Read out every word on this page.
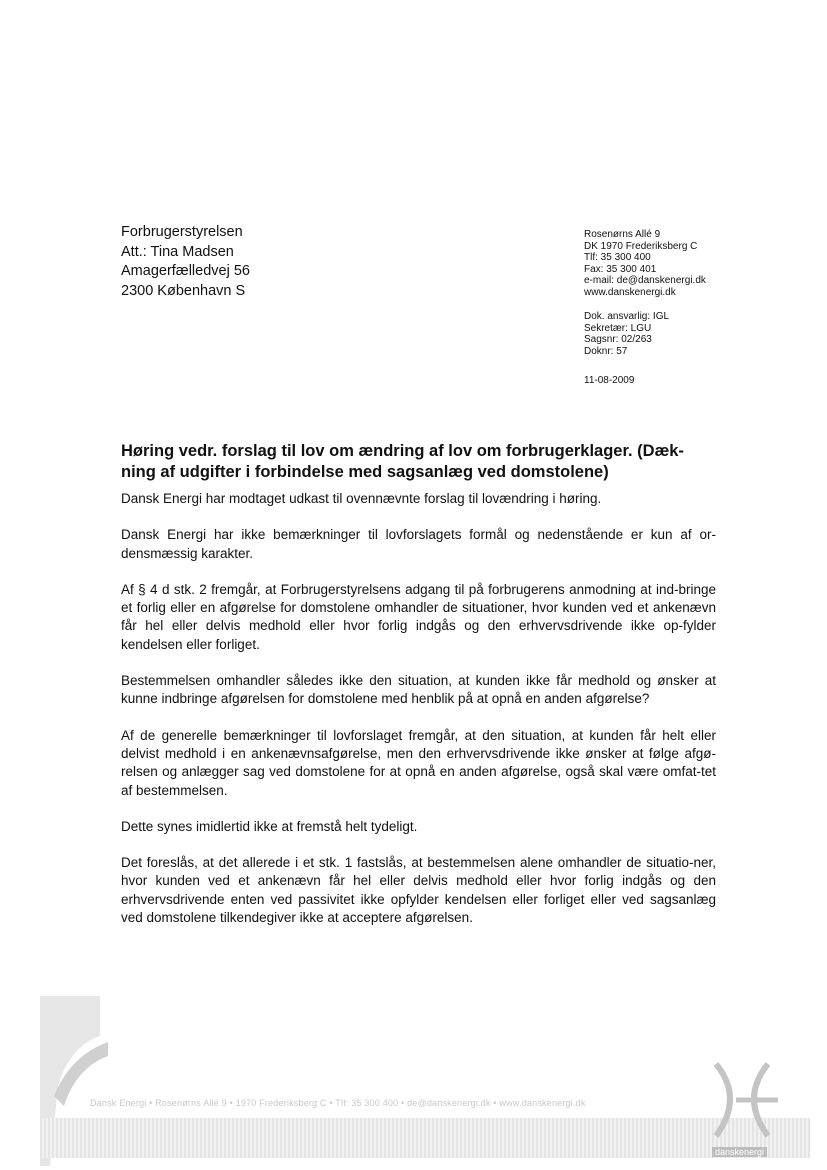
Forbrugerstyrelsen
Att.: Tina Madsen
Amagerfælledvej 56
2300 København S
Rosenørns Allé 9
DK 1970 Frederiksberg C
Tlf: 35 300 400
Fax: 35 300 401
e-mail: de@danskenergi.dk
www.danskenergi.dk
Dok. ansvarlig: IGL
Sekretær: LGU
Sagsnr: 02/263
Doknr: 57
11-08-2009
Høring vedr. forslag til lov om ændring af lov om forbrugerklager. (Dæk-
ning af udgifter i forbindelse med sagsanlæg ved domstolene)

Dansk Energi har modtaget udkast til ovennævnte forslag til lovændring i høring.

Dansk Energi har ikke bemærkninger til lovforslagets formål og nedenstående er kun af or-densmæssig karakter.

Af § 4 d stk. 2 fremgår, at Forbrugerstyrelsens adgang til på forbrugerens anmodning at ind-bringe et forlig eller en afgørelse for domstolene omhandler de situationer, hvor kunden ved et ankenævn får hel eller delvis medhold eller hvor forlig indgås og den erhvervsdrivende ikke op-fylder kendelsen eller forliget.

Bestemmelsen omhandler således ikke den situation, at kunden ikke får medhold og ønsker at kunne indbringe afgørelsen for domstolene med henblik på at opnå en anden afgørelse?

Af de generelle bemærkninger til lovforslaget fremgår, at den situation, at kunden får helt eller delvist medhold i en ankenævnsafgørelse, men den erhvervsdrivende ikke ønsker at følge afgø-relsen og anlægger sag ved domstolene for at opnå en anden afgørelse, også skal være omfat-tet af bestemmelsen.

Dette synes imidlertid ikke at fremstå helt tydeligt.

Det foreslås, at det allerede i et stk. 1 fastslås, at bestemmelsen alene omhandler de situatio-ner, hvor kunden ved et ankenævn får hel eller delvis medhold eller hvor forlig indgås og den erhvervsdrivende enten ved passivitet ikke opfylder kendelsen eller forliget eller ved sagsanlæg ved domstolene tilkendegiver ikke at acceptere afgørelsen.

Dansk Energi • Rosenørns Allé 9 • 1970 Frederiksberg C • Tlf: 35 300 400 • de@danskenergi.dk • www.danskenergi.dk
danskenergi
